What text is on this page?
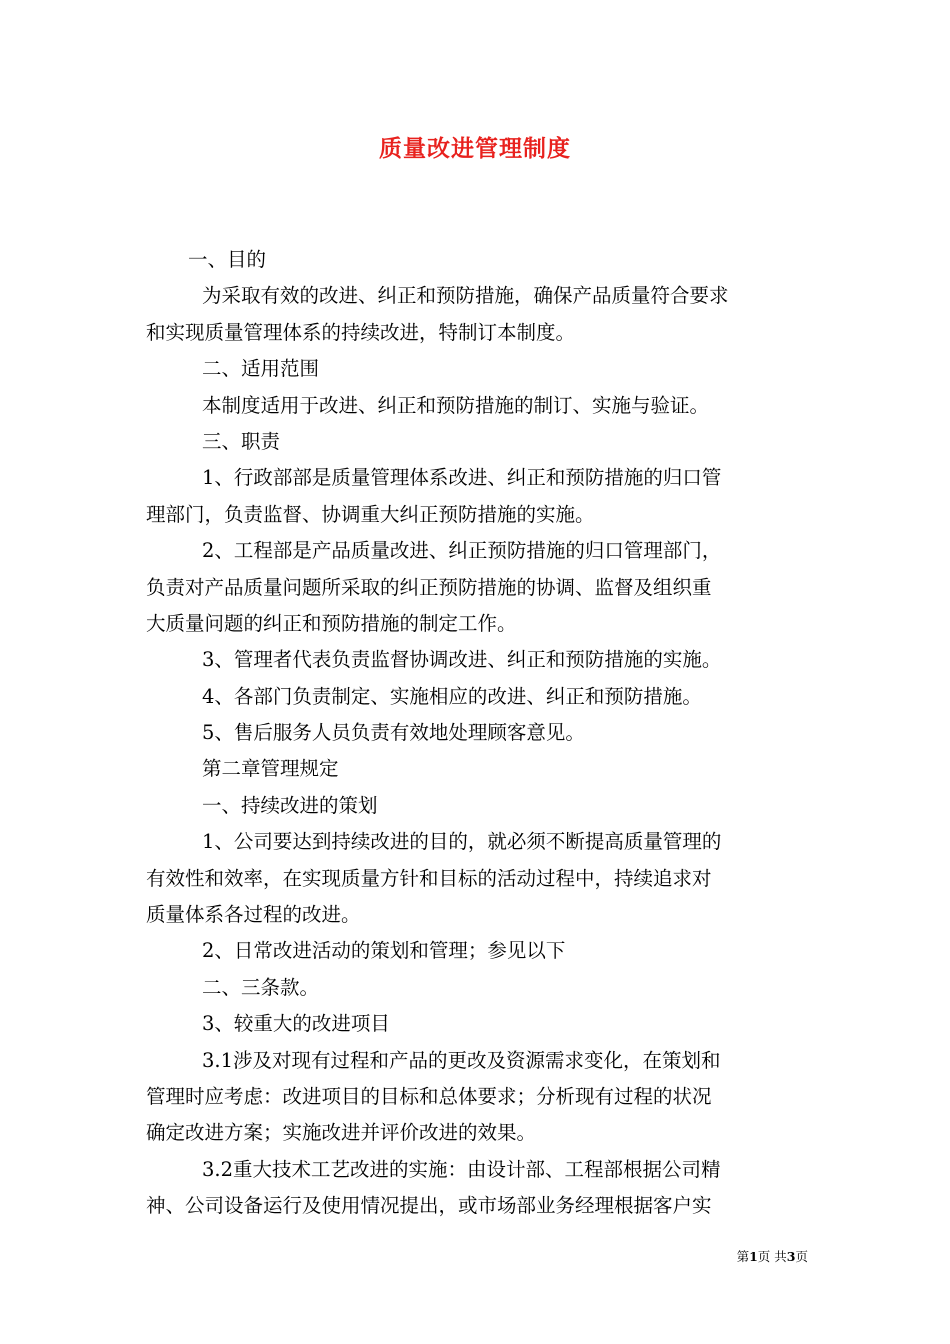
质量改进管理制度
一、目的
为采取有效的改进、纠正和预防措施，确保产品质量符合要求
和实现质量管理体系的持续改进，特制订本制度。
二、适用范围
本制度适用于改进、纠正和预防措施的制订、实施与验证。
三、职责
1、行政部部是质量管理体系改进、纠正和预防措施的归口管
理部门，负责监督、协调重大纠正预防措施的实施。
2、工程部是产品质量改进、纠正预防措施的归口管理部门，
负责对产品质量问题所采取的纠正预防措施的协调、监督及组织重
大质量问题的纠正和预防措施的制定工作。
3、管理者代表负责监督协调改进、纠正和预防措施的实施。
4、各部门负责制定、实施相应的改进、纠正和预防措施。
5、售后服务人员负责有效地处理顾客意见。
第二章管理规定
一、持续改进的策划
1、公司要达到持续改进的目的，就必须不断提高质量管理的
有效性和效率，在实现质量方针和目标的活动过程中，持续追求对
质量体系各过程的改进。
2、日常改进活动的策划和管理；参见以下
二、三条款。
3、较重大的改进项目
3.1涉及对现有过程和产品的更改及资源需求变化，在策划和
管理时应考虑：改进项目的目标和总体要求；分析现有过程的状况
确定改进方案；实施改进并评价改进的效果。
3.2重大技术工艺改进的实施：由设计部、工程部根据公司精
神、公司设备运行及使用情况提出，或市场部业务经理根据客户实
第1页 共3页
